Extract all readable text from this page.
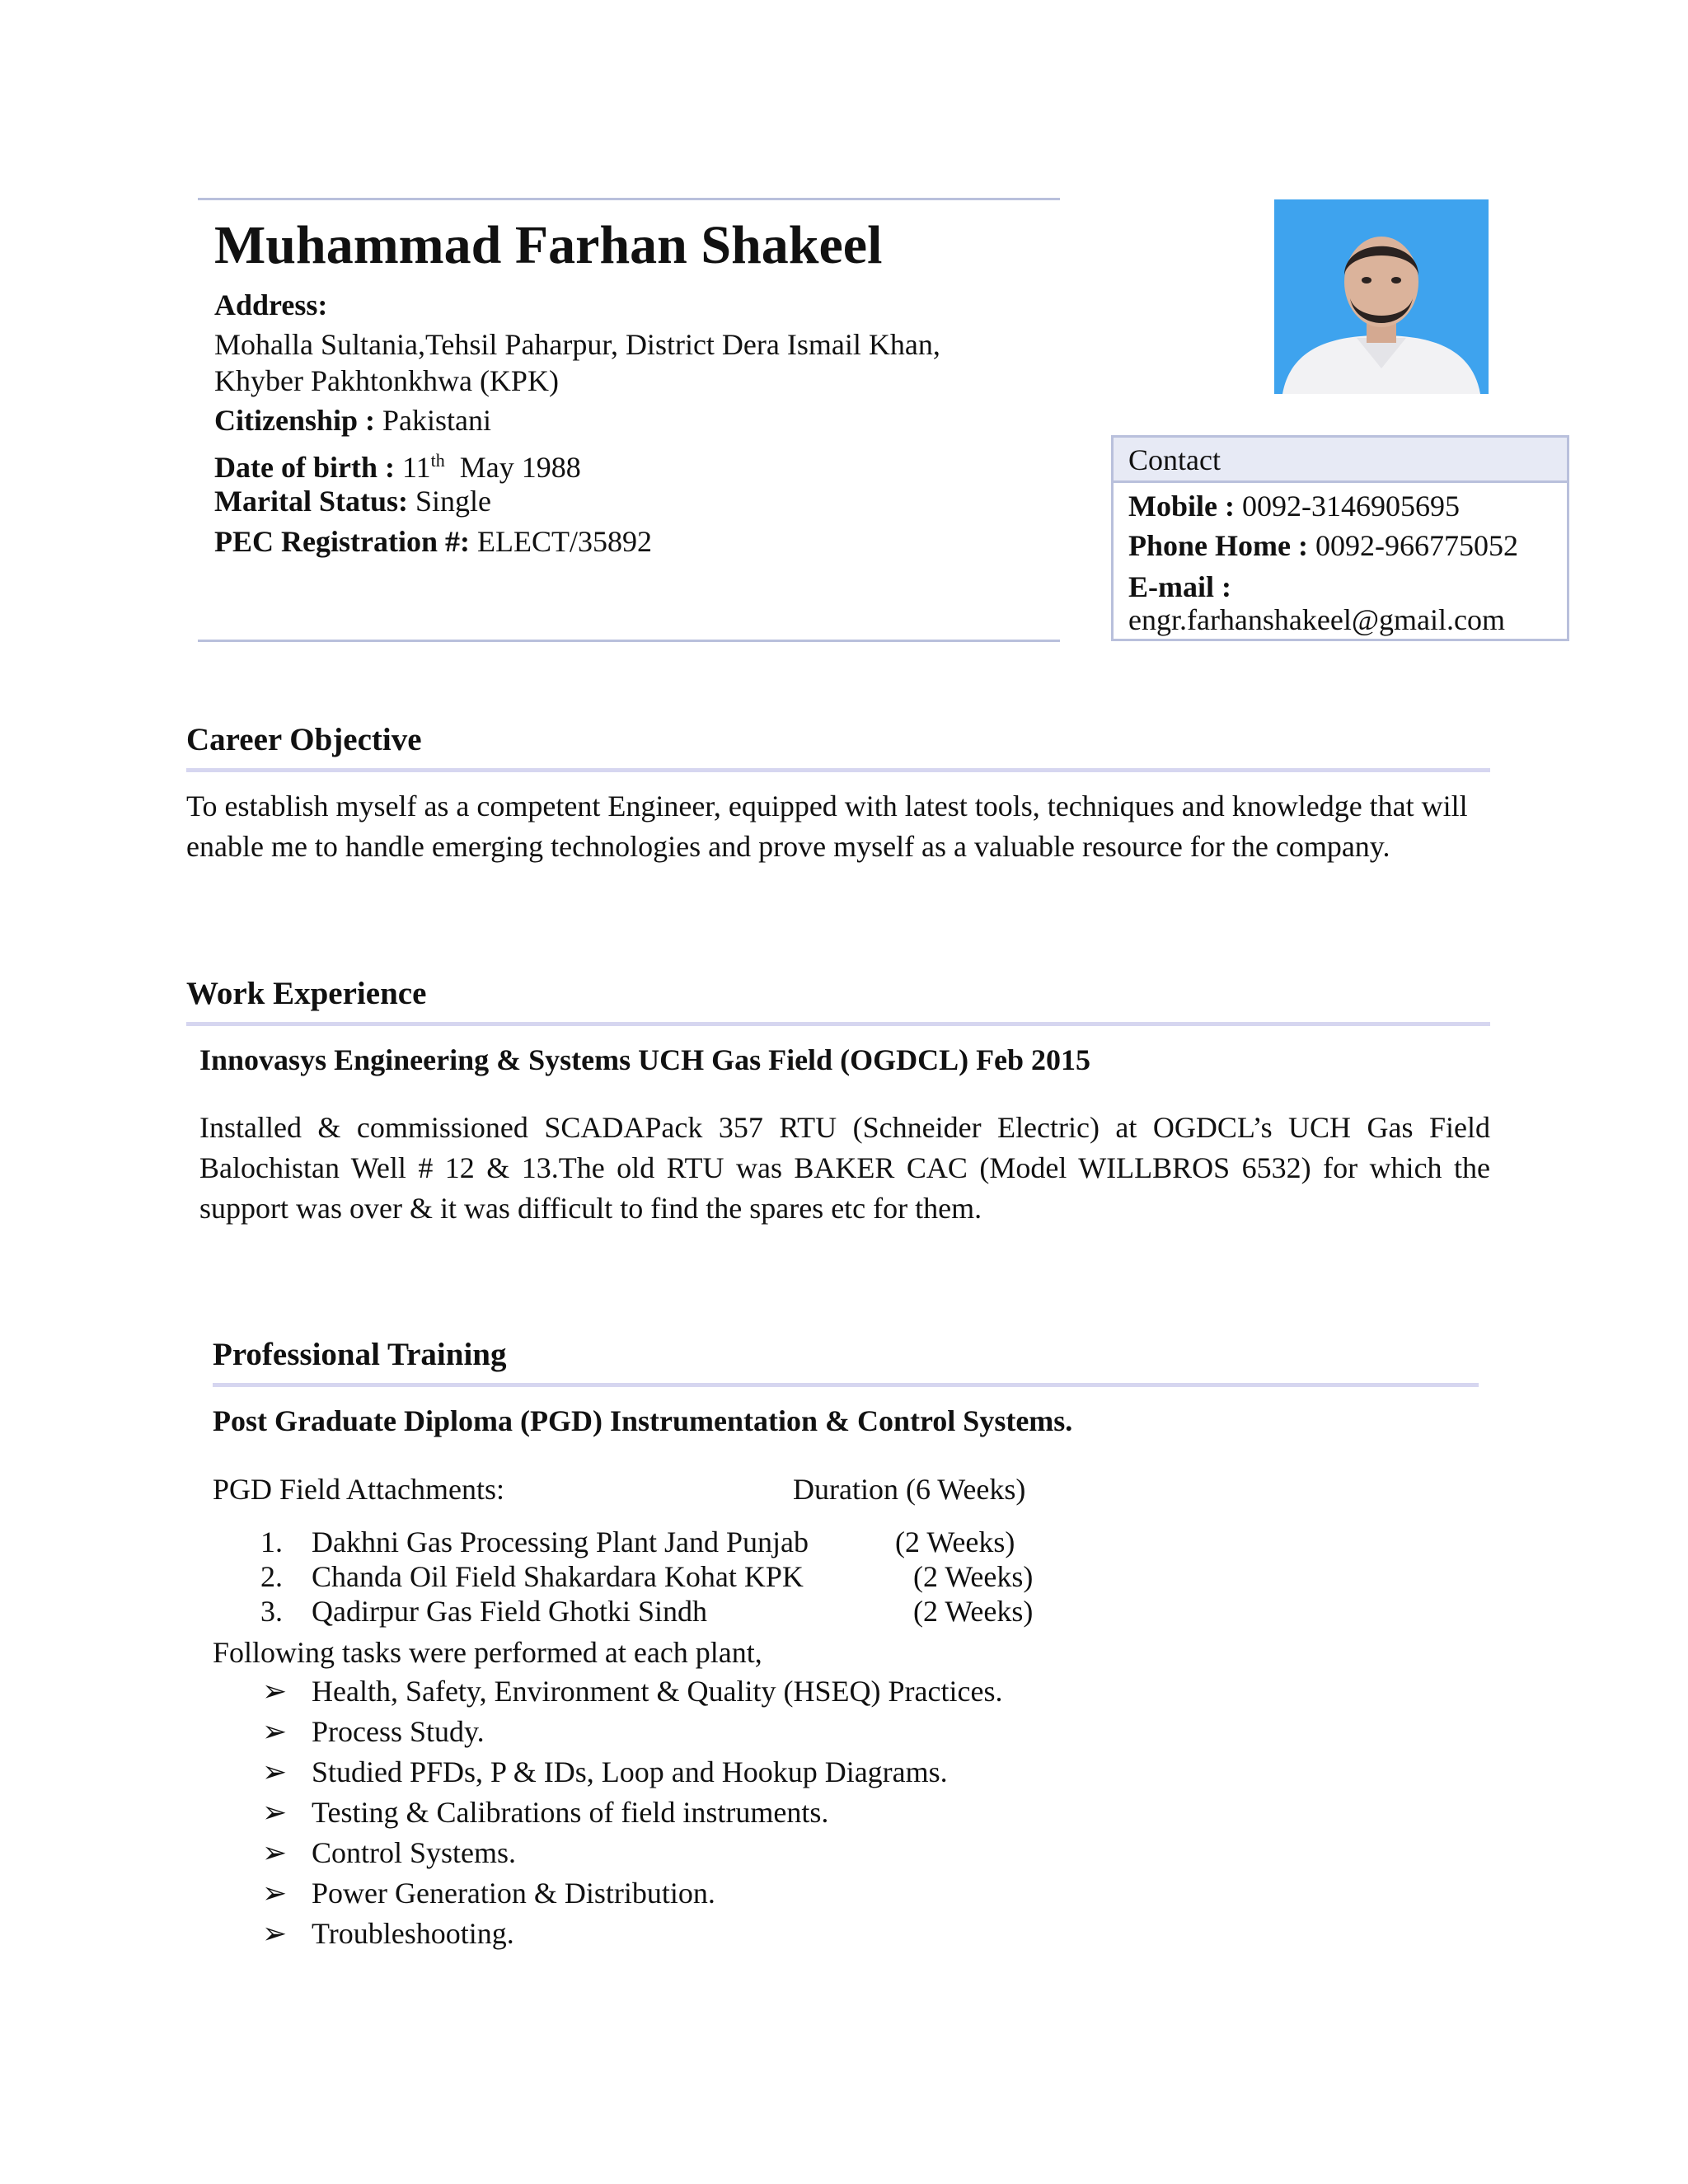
Muhammad Farhan Shakeel
Address:
Mohalla Sultania,Tehsil Paharpur, District Dera Ismail Khan,
Khyber Pakhtonkhwa (KPK)
Citizenship : Pakistani
Date of birth : 11th  May 1988
Marital Status: Single
PEC Registration #: ELECT/35892
Contact
Mobile : 0092-3146905695
Phone Home : 0092-966775052
E-mail :
engr.farhanshakeel@gmail.com
Career Objective
To establish myself as a competent Engineer, equipped with latest tools, techniques and knowledge that will enable me to handle emerging technologies and prove myself as a valuable resource for the company.
Work Experience
Innovasys Engineering & Systems UCH Gas Field (OGDCL) Feb 2015
Installed & commissioned SCADAPack 357 RTU (Schneider Electric) at OGDCL’s UCH Gas Field Balochistan Well # 12 & 13.The old RTU was BAKER CAC (Model WILLBROS 6532) for which the support was over & it was difficult to find the spares etc for them.
Professional Training
Post Graduate Diploma (PGD) Instrumentation & Control Systems.
PGD Field Attachments:	Duration (6 Weeks)
1. Dakhni Gas Processing Plant Jand Punjab	(2 Weeks)
2. Chanda Oil Field Shakardara Kohat KPK	(2 Weeks)
3. Qadirpur Gas Field Ghotki Sindh	(2 Weeks)
Following tasks were performed at each plant,
➢ Health, Safety, Environment & Quality (HSEQ) Practices.
➢ Process Study.
➢ Studied PFDs, P & IDs, Loop and Hookup Diagrams.
➢ Testing & Calibrations of field instruments.
➢ Control Systems.
➢ Power Generation & Distribution.
➢ Troubleshooting.
